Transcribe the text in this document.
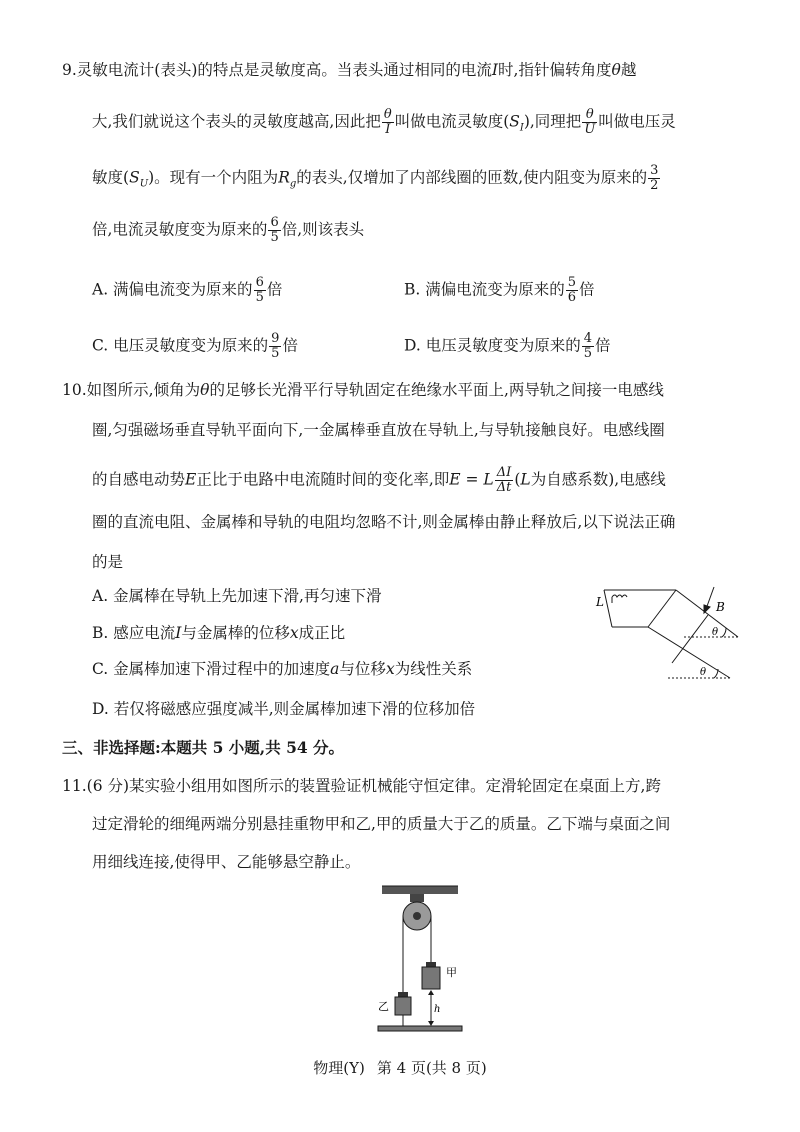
9.灵敏电流计(表头)的特点是灵敏度高。当表头通过相同的电流I时,指针偏转角度θ越
大,我们就说这个表头的灵敏度越高,因此把 $\frac{\theta}{I}$ 叫做电流灵敏度$(S_I)$,同理把 $\frac{\theta}{U}$ 叫做电压灵
敏度$(S_U)$。现有一个内阻为$R_g$的表头,仅增加了内部线圈的匝数,使内阻变为原来的 $\frac{3}{2}$
倍,电流灵敏度变为原来的 $\frac{6}{5}$ 倍,则该表头
A. 满偏电流变为原来的 $\frac{6}{5}$ 倍	B. 满偏电流变为原来的 $\frac{5}{6}$ 倍
C. 电压灵敏度变为原来的 $\frac{9}{5}$ 倍	D. 电压灵敏度变为原来的 $\frac{4}{5}$ 倍
10.如图所示,倾角为θ的足够长光滑平行导轨固定在绝缘水平面上,两导轨之间接一电感线
圈,匀强磁场垂直导轨平面向下,一金属棒垂直放在导轨上,与导轨接触良好。电感线圈
的自感电动势E正比于电路中电流随时间的变化率,即E = L $\frac{\Delta I}{\Delta t} (L$为自感系数),电感线
圈的直流电阻、金属棒和导轨的电阻均忽略不计,则金属棒由静止释放后,以下说法正确
的是
A. 金属棒在导轨上先加速下滑,再匀速下滑
B. 感应电流I与金属棒的位移x成正比
C. 金属棒加速下滑过程中的加速度a与位移x为线性关系
D. 若仅将磁感应强度减半,则金属棒加速下滑的位移加倍
L	B
θ
θ
三、非选择题:本题共 5 小题,共 54 分。
11.(6 分)某实验小组用如图所示的装置验证机械能守恒定律。定滑轮固定在桌面上方,跨
过定滑轮的细绳两端分别悬挂重物甲和乙,甲的质量大于乙的质量。乙下端与桌面之间
用细线连接,使得甲、乙能够悬空静止。
甲
乙	h
物理(Y) 第 4 页(共 8 页)
